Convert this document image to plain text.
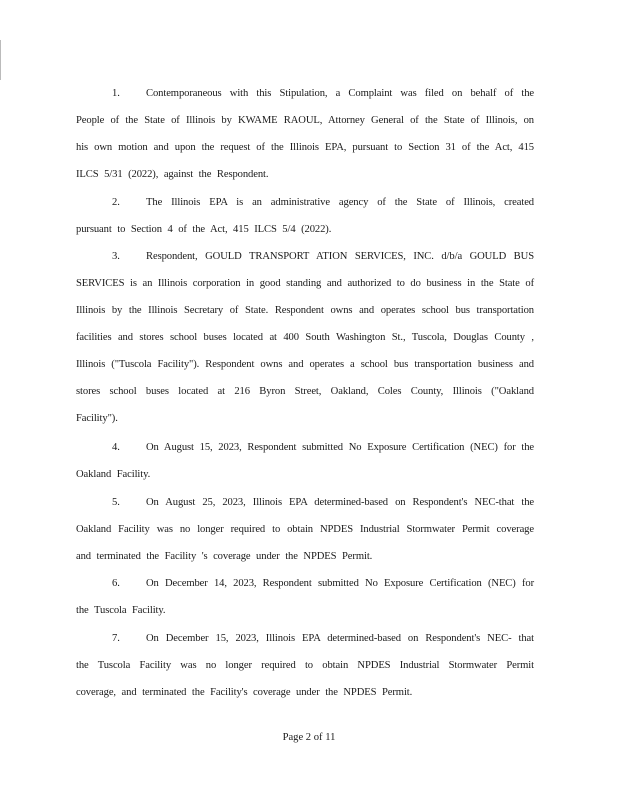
1. Contemporaneous with this Stipulation, a Complaint was filed on behalf of the People of the State of Illinois by KWAME RAOUL, Attorney General of the State of Illinois, on his own motion and upon the request of the Illinois EPA, pursuant to Section 31 of the Act, 415 ILCS 5/31 (2022), against the Respondent.

2. The Illinois EPA is an administrative agency of the State of Illinois, created pursuant to Section 4 of the Act, 415 ILCS 5/4 (2022).

3. Respondent, GOULD TRANSPORT ATION SERVICES, INC. d/b/a GOULD BUS SERVICES is an Illinois corporation in good standing and authorized to do business in the State of Illinois by the Illinois Secretary of State. Respondent owns and operates school bus transportation facilities and stores school buses located at 400 South Washington St., Tuscola, Douglas County , Illinois ("Tuscola Facility"). Respondent owns and operates a school bus transportation business and stores school buses located at 216 Byron Street, Oakland, Coles County, Illinois ("Oakland Facility").

4. On August 15, 2023, Respondent submitted No Exposure Certification (NEC) for the Oakland Facility.

5. On August 25, 2023, Illinois EPA determined-based on Respondent's NEC-that the Oakland Facility was no longer required to obtain NPDES Industrial Stormwater Permit coverage and terminated the Facility 's coverage under the NPDES Permit.

6. On December 14, 2023, Respondent submitted No Exposure Certification (NEC) for the Tuscola Facility.

7. On December 15, 2023, Illinois EPA determined-based on Respondent's NEC- that the Tuscola Facility was no longer required to obtain NPDES Industrial Stormwater Permit coverage, and terminated the Facility's coverage under the NPDES Permit.

Page 2 of 11
